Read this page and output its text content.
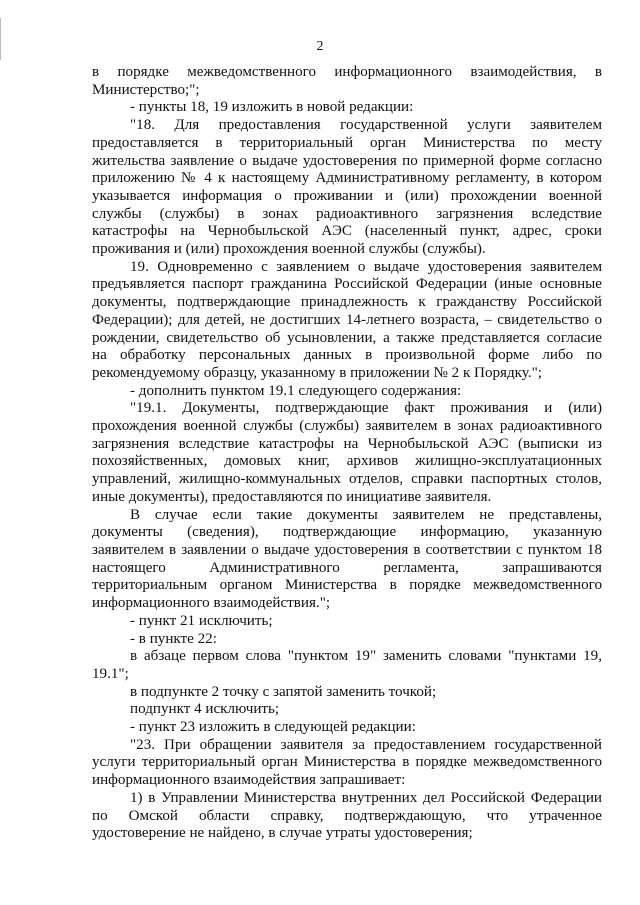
2

в порядке межведомственного информационного взаимодействия, в

Министерство;";

- пункты 18, 19 изложить в новой редакции:

"18. Для предоставления государственной услуги заявителем

предоставляется в территориальный орган Министерства по месту

жительства заявление о выдаче удостоверения по примерной форме согласно

приложению № 4 к настоящему Административному регламенту, в котором

указывается информация о проживании и (или) прохождении военной

службы (службы) в зонах радиоактивного загрязнения вследствие

катастрофы на Чернобыльской АЭС (населенный пункт, адрес, сроки

проживания и (или) прохождения военной службы (службы).

19. Одновременно с заявлением о выдаче удостоверения заявителем

предъявляется паспорт гражданина Российской Федерации (иные основные

документы, подтверждающие принадлежность к гражданству Российской

Федерации); для детей, не достигших 14-летнего возраста, – свидетельство о

рождении, свидетельство об усыновлении, а также представляется согласие

на обработку персональных данных в произвольной форме либо по

рекомендуемому образцу, указанному в приложении № 2 к Порядку.";

- дополнить пунктом 19.1 следующего содержания:

"19.1. Документы, подтверждающие факт проживания и (или)

прохождения военной службы (службы) заявителем в зонах радиоактивного

загрязнения вследствие катастрофы на Чернобыльской АЭС (выписки из

похозяйственных, домовых книг, архивов жилищно-эксплуатационных

управлений, жилищно-коммунальных отделов, справки паспортных столов,

иные документы), предоставляются по инициативе заявителя.

В случае если такие документы заявителем не представлены,

документы (сведения), подтверждающие информацию, указанную

заявителем в заявлении о выдаче удостоверения в соответствии с пунктом 18

настоящего Административного регламента, запрашиваются

территориальным органом Министерства в порядке межведомственного

информационного взаимодействия.";

- пункт 21 исключить;

- в пункте 22:

в абзаце первом слова "пунктом 19" заменить словами "пунктами 19,

19.1";

в подпункте 2 точку с запятой заменить точкой;

подпункт 4 исключить;

- пункт 23 изложить в следующей редакции:

"23. При обращении заявителя за предоставлением государственной

услуги территориальный орган Министерства в порядке межведомственного

информационного взаимодействия запрашивает:

1) в Управлении Министерства внутренних дел Российской Федерации

по Омской области справку, подтверждающую, что утраченное

удостоверение не найдено, в случае утраты удостоверения;
